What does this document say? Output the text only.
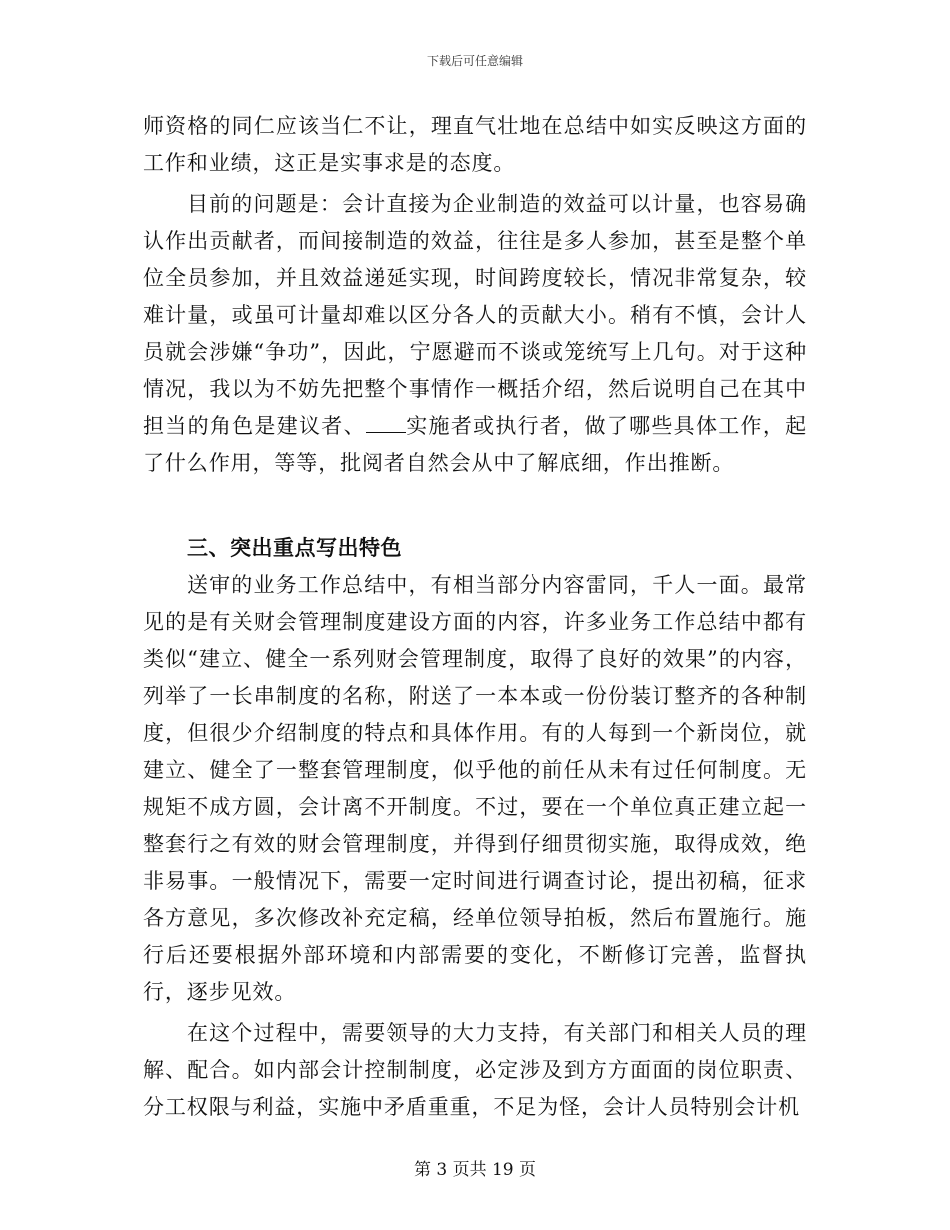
下载后可任意编辑

师资格的同仁应该当仁不让，理直气壮地在总结中如实反映这方面的工作和业绩，这正是实事求是的态度。

目前的问题是：会计直接为企业制造的效益可以计量，也容易确认作出贡献者，而间接制造的效益，往往是多人参加，甚至是整个单位全员参加，并且效益递延实现，时间跨度较长，情况非常复杂，较难计量，或虽可计量却难以区分各人的贡献大小。稍有不慎，会计人员就会涉嫌“争功”，因此，宁愿避而不谈或笼统写上几句。对于这种情况，我以为不妨先把整个事情作一概括介绍，然后说明自己在其中担当的角色是建议者、 实施者或执行者，做了哪些具体工作，起了什么作用，等等，批阅者自然会从中了解底细，作出推断。

三、突出重点写出特色

送审的业务工作总结中，有相当部分内容雷同，千人一面。最常见的是有关财会管理制度建设方面的内容，许多业务工作总结中都有类似“建立、健全一系列财会管理制度，取得了良好的效果”的内容，列举了一长串制度的名称，附送了一本本或一份份装订整齐的各种制度，但很少介绍制度的特点和具体作用。有的人每到一个新岗位，就建立、健全了一整套管理制度，似乎他的前任从未有过任何制度。无规矩不成方圆，会计离不开制度。不过，要在一个单位真正建立起一整套行之有效的财会管理制度，并得到仔细贯彻实施，取得成效，绝非易事。一般情况下，需要一定时间进行调查讨论，提出初稿，征求各方意见，多次修改补充定稿，经单位领导拍板，然后布置施行。施行后还要根据外部环境和内部需要的变化，不断修订完善，监督执行，逐步见效。

在这个过程中，需要领导的大力支持，有关部门和相关人员的理解、配合。如内部会计控制制度，必定涉及到方方面面的岗位职责、分工权限与利益，实施中矛盾重重，不足为怪，会计人员特别会计机

第 3 页共 19 页
